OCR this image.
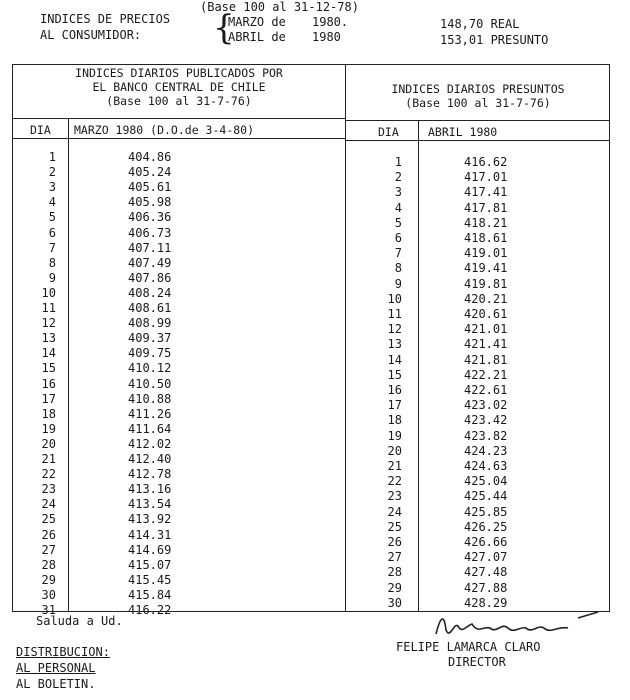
(Base 100 al 31-12-78)
INDICES DE PRECIOS
AL CONSUMIDOR: {
MARZO de 1980.	148,70 REAL
ABRIL de 1980	153,01 PRESUNTO
INDICES DIARIOS PUBLICADOS POR
EL BANCO CENTRAL DE CHILE
(Base 100 al 31-7-76)
DIA MARZO 1980 (D.O.de 3-4-80)
INDICES DIARIOS PRESUNTOS
(Base 100 al 31-7-76)
DIA	ABRIL 1980
1	404.86
2	405.24
3	405.61
4	405.98
5	406.36
6	406.73
7	407.11
8	407.49
9	407.86
10	408.24
11	408.61
12	408.99
13	409.37
14	409.75
15	410.12
16	410.50
17	410.88
18	411.26
19	411.64
20	412.02
21	412.40
22	412.78
23	413.16
24	413.54
25	413.92
26	414.31
27	414.69
28	415.07
29	415.45
30	415.84
31	416.22
1	416.62
2	417.01
3	417.41
4	417.81
5	418.21
6	418.61
7	419.01
8	419.41
9	419.81
10	420.21
11	420.61
12	421.01
13	421.41
14	421.81
15	422.21
16	422.61
17	423.02
18	423.42
19	423.82
20	424.23
21	424.63
22	425.04
23	425.44
24	425.85
25	426.25
26	426.66
27	427.07
28	427.48
29	427.88
30	428.29
Saluda a Ud.
DISTRIBUCION:
AL PERSONAL
AL BOLETIN.
FELIPE LAMARCA CLARO
DIRECTOR
